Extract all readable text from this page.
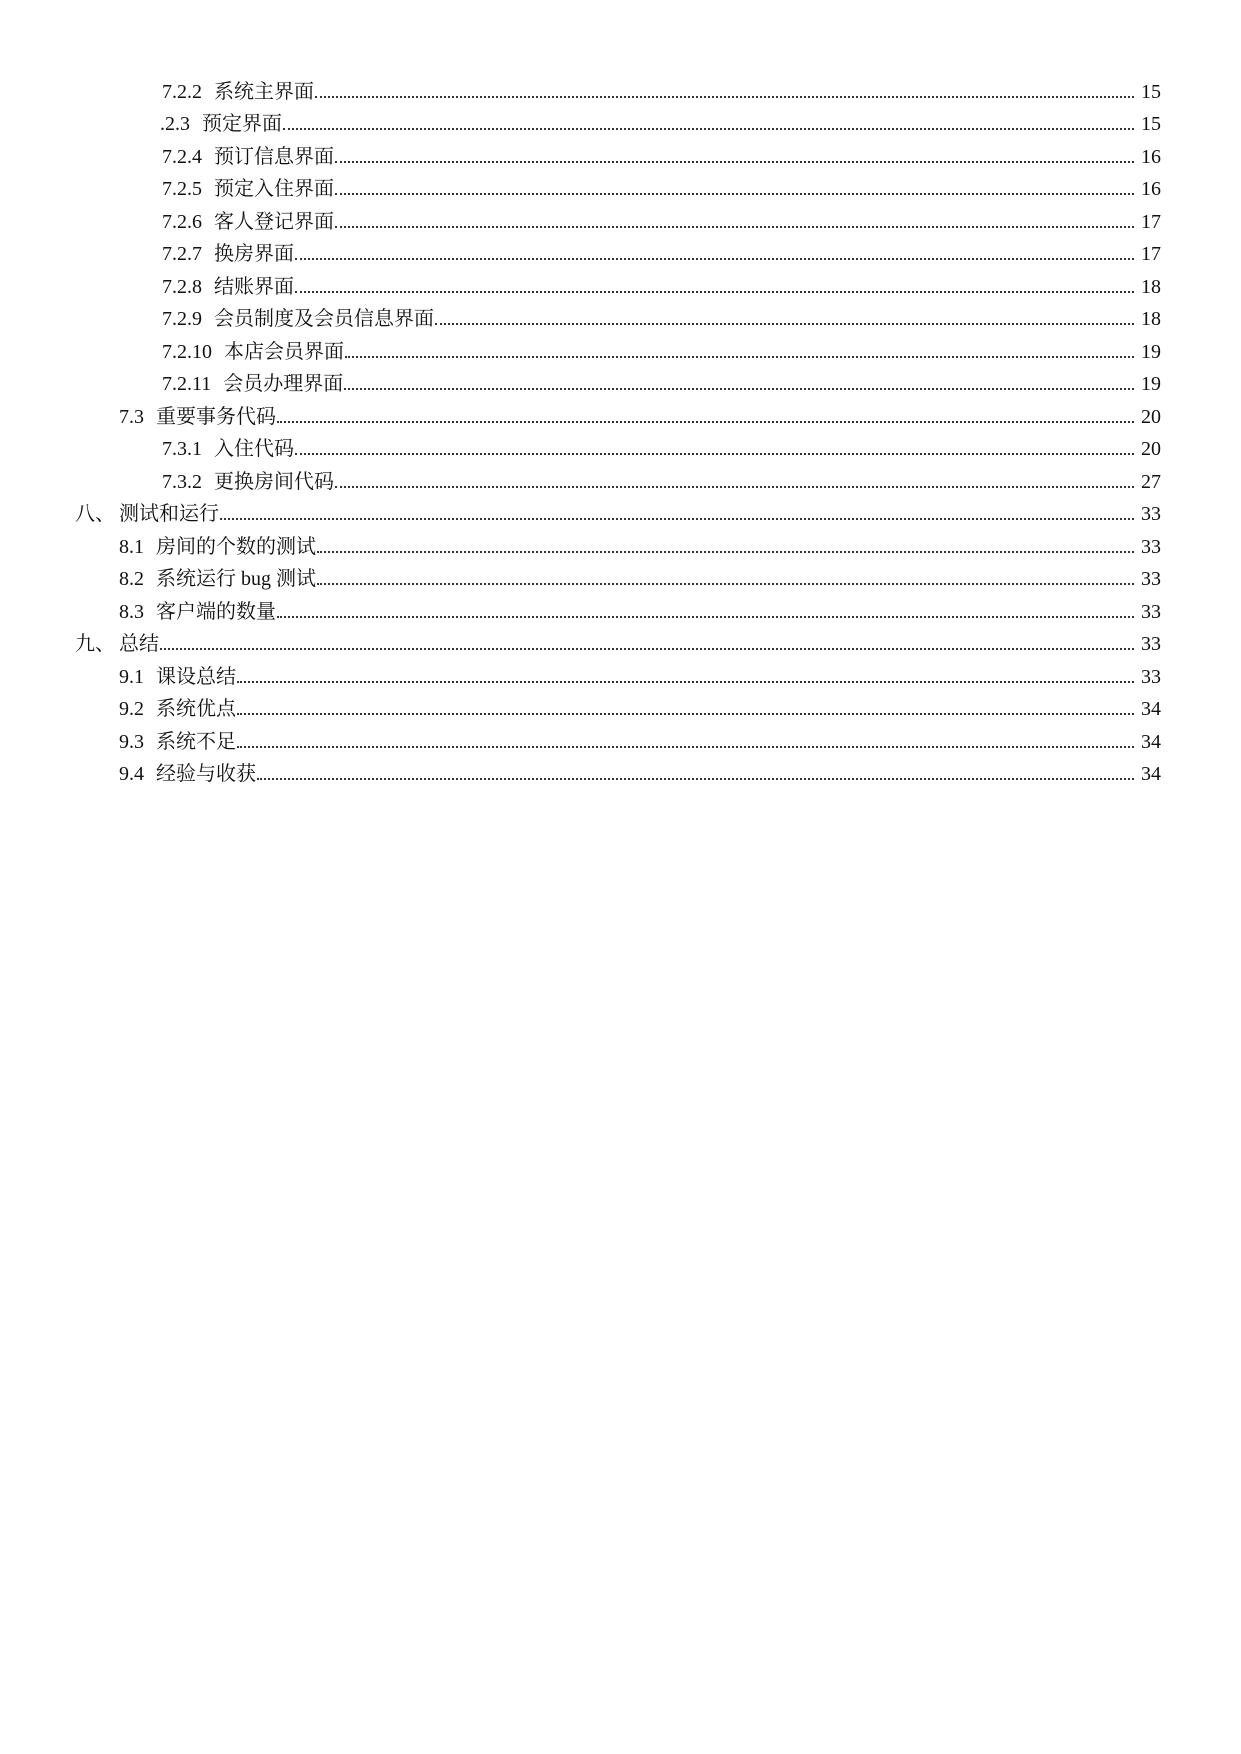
7.2.2 系统主界面	15
.2.3 预定界面	15
7.2.4 预订信息界面	16
7.2.5 预定入住界面	16
7.2.6 客人登记界面	17
7.2.7 换房界面	17
7.2.8 结账界面	18
7.2.9 会员制度及会员信息界面	18
7.2.10 本店会员界面	19
7.2.11 会员办理界面	19
7.3 重要事务代码	20
7.3.1 入住代码	20
7.3.2 更换房间代码	27
八、 测试和运行	33
8.1 房间的个数的测试	33
8.2 系统运行 bug 测试	33
8.3 客户端的数量	33
九、 总结	33
9.1 课设总结	33
9.2 系统优点	34
9.3 系统不足	34
9.4 经验与收获	34
